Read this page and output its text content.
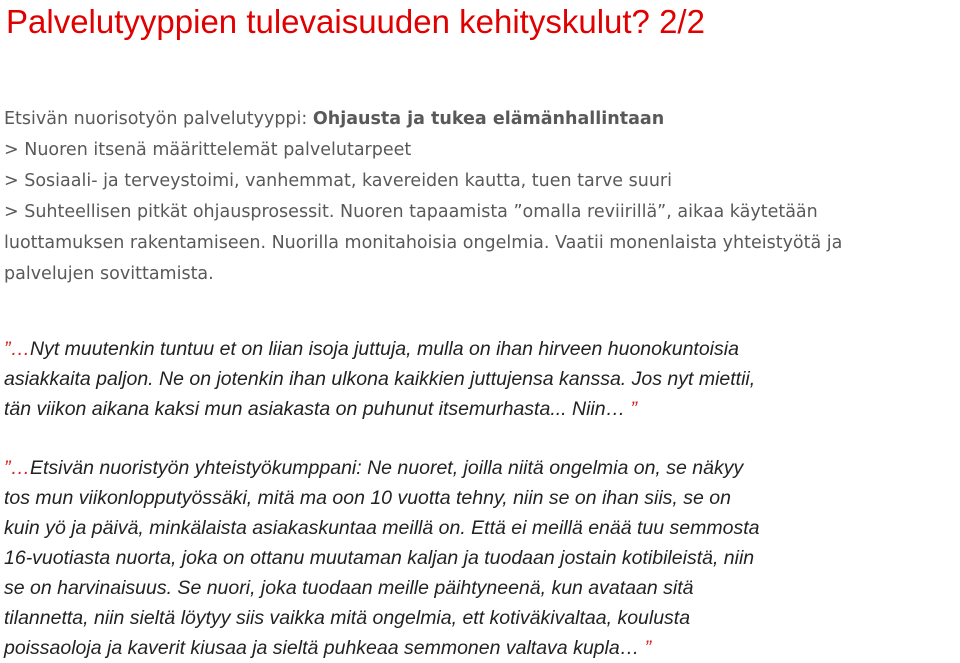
Palvelutyyppien tulevaisuuden kehityskulut? 2/2
Etsivän nuorisotyön palvelutyyppi: Ohjausta ja tukea elämänhallintaan
> Nuoren itsenä määrittelemät palvelutarpeet
> Sosiaali- ja terveystoimi, vanhemmat, kavereiden kautta, tuen tarve suuri
> Suhteellisen pitkät ohjausprosessit. Nuoren tapaamista ”omalla reviirillä”, aikaa käytetään
luottamuksen rakentamiseen. Nuorilla monitahoisia ongelmia. Vaatii monenlaista yhteistyötä ja
palvelujen sovittamista.
”…Nyt muutenkin tuntuu et on liian isoja juttuja, mulla on ihan hirveen huonokuntoisia
asiakkaita paljon. Ne on jotenkin ihan ulkona kaikkien juttujensa kanssa. Jos nyt miettii,
tän viikon aikana kaksi mun asiakasta on puhunut itsemurhasta... Niin… ”
”…Etsivän nuoristyön yhteistyökumppani: Ne nuoret, joilla niitä ongelmia on, se näkyy
tos mun viikonlopputyössäki, mitä ma oon 10 vuotta tehny, niin se on ihan siis, se on
kuin yö ja päivä, minkälaista asiakaskuntaa meillä on. Että ei meillä enää tuu semmosta
16-vuotiasta nuorta, joka on ottanu muutaman kaljan ja tuodaan jostain kotibileistä, niin
se on harvinaisuus. Se nuori, joka tuodaan meille päihtyneenä, kun avataan sitä
tilannetta, niin sieltä löytyy siis vaikka mitä ongelmia, ett kotiväkivaltaa, koulusta
poissaoloja ja kaverit kiusaa ja sieltä puhkeaa semmonen valtava kupla… ”
